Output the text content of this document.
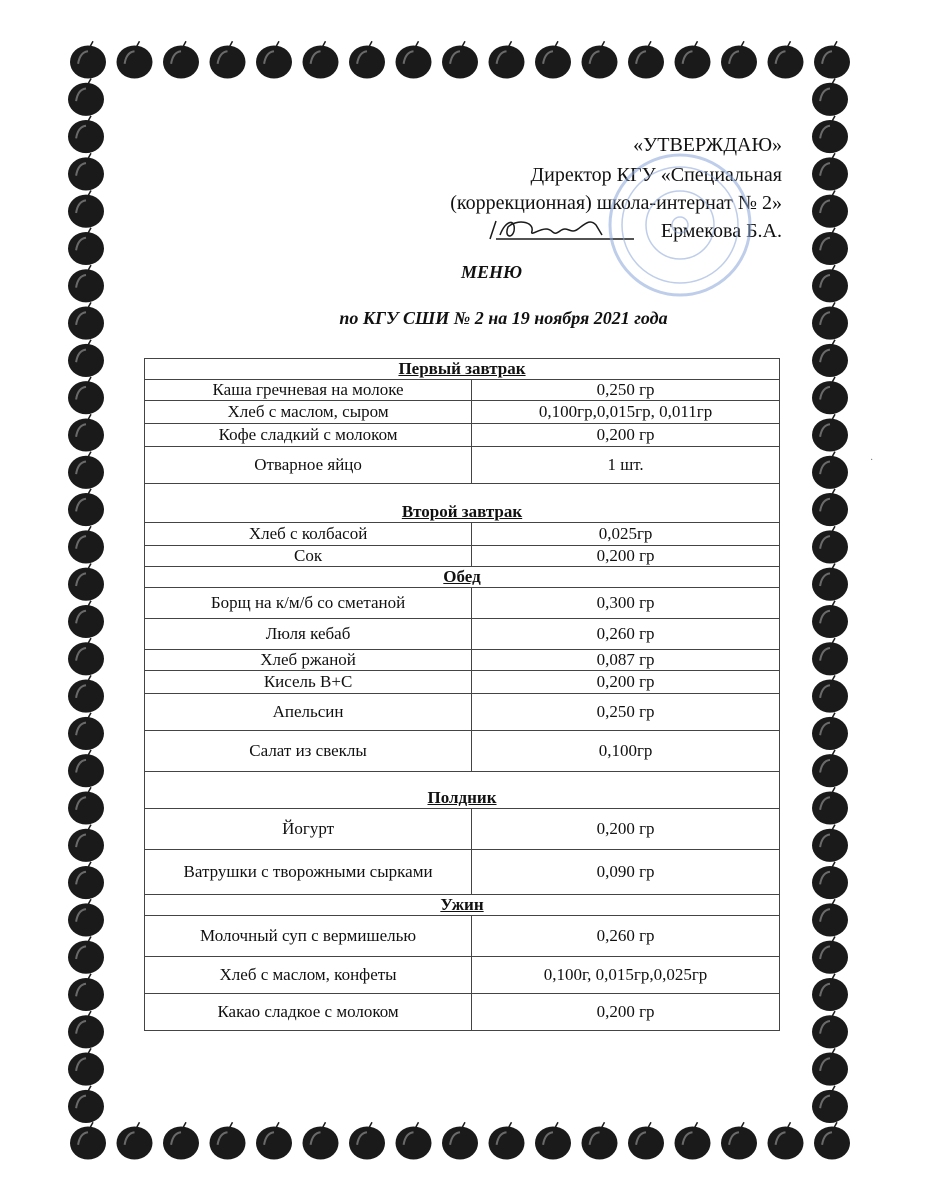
«УТВЕРЖДАЮ»
Директор КГУ «Специальная
(коррекционная) школа-интернат № 2»
Ермекова Б.А.
МЕНЮ
по КГУ СШИ № 2 на 19 ноября 2021 года
Первый завтрак	
Каша гречневая на молоке	0,250 гр
Хлеб с маслом, сыром	0,100гр,0,015гр, 0,011гр
Кофе сладкий с молоком	0,200 гр
Отварное яйцо	1 шт.
Второй завтрак	
Хлеб с колбасой	0,025гр
Сок	0,200 гр
Обед	
Борщ на к/м/б со сметаной	0,300 гр
Люля кебаб	0,260 гр
Хлеб ржаной	0,087 гр
Кисель В+С	0,200 гр
Апельсин	0,250 гр
Салат из свеклы	0,100гр
Полдник	
Йогурт	0,200 гр
Ватрушки с творожными сырками	0,090 гр
Ужин	
Молочный суп с вермишелью	0,260 гр
Хлеб с маслом, конфеты	0,100г, 0,015гр,0,025гр
Какао сладкое с молоком	0,200 гр
·
